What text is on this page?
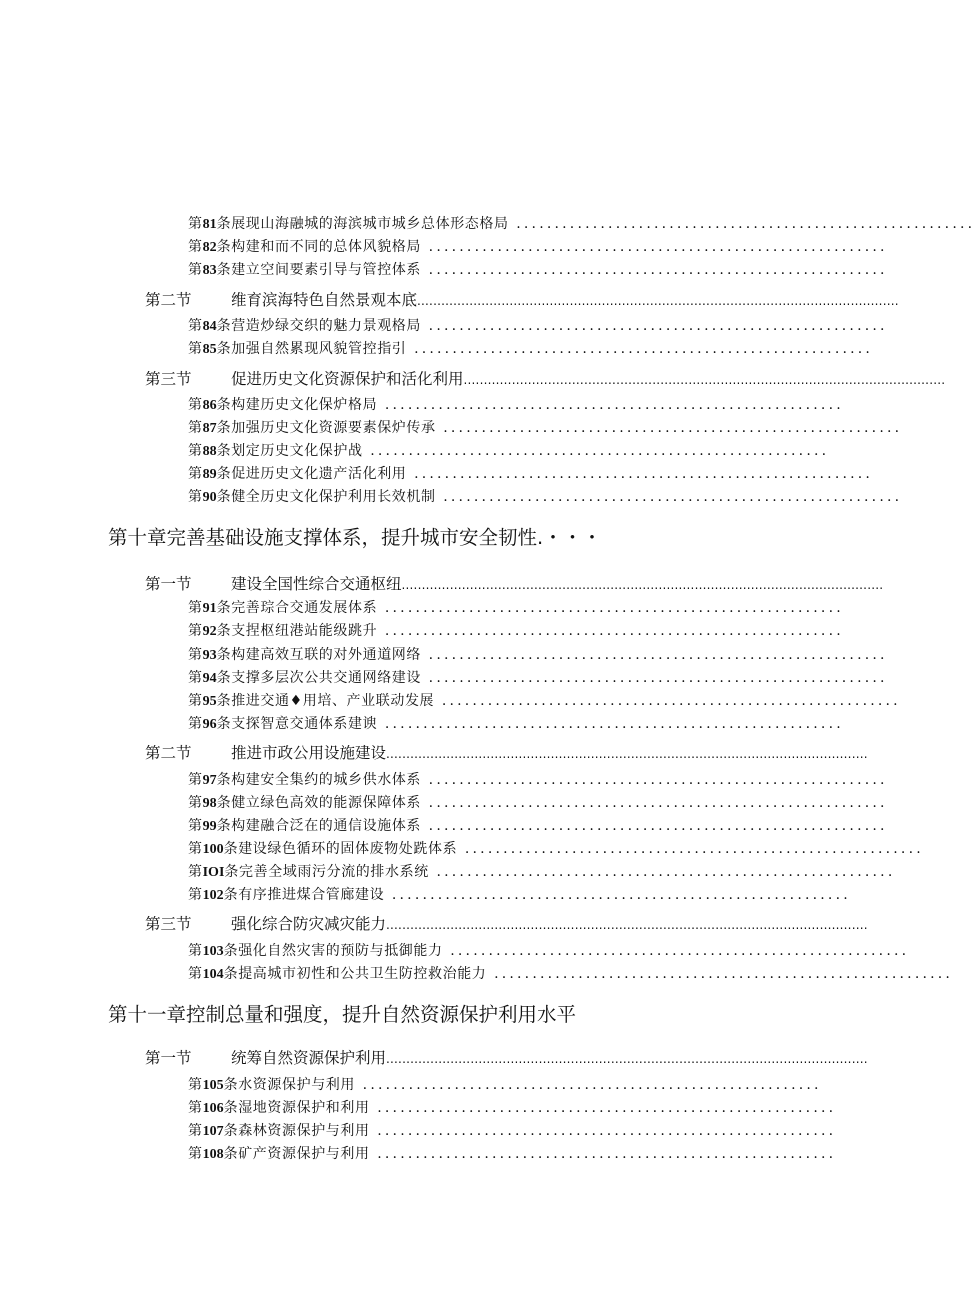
第81条展现山海融城的海滨城市城乡总体形态格局 ............................................................
第82条构建和而不同的总体风貌格局 ............................................................
第83条建立空间要素引导与管控体系 ............................................................
第二节	维育滨海特色自然景观本底........................................................................................................................
第84条营造炒绿交织的魅力景观格局 ............................................................
第85条加强自然累现风貌管控指引 ............................................................
第三节	促进历史文化资源保护和活化利用........................................................................................................................
第86条构建历史文化保炉格局 ............................................................
第87条加强历史文化资源要素保炉传承 ............................................................
第88条划定历史文化保护战 ............................................................
第89条促进历史文化遗产活化利用 ............................................................
第90条健全历史文化保护利用长效机制 ............................................................
第十章完善基础设施支撑体系，提升城市安全韧性.・・・
第一节	建设全国性综合交通枢纽........................................................................................................................
第91条完善琮合交通发展体系 ............................................................
第92条支捏枢纽港站能级跳升 ............................................................
第93条构建高效互联的对外通道网络 ............................................................
第94条支撑多层次公共交通网络建设 ............................................................
第95条推进交通♦用培、产业联动发展 ............................................................
第96条支探智意交通体系建谀 ............................................................
第二节	推进市政公用设施建设........................................................................................................................
第97条构建安全集约的城乡供水体系 ............................................................
第98条健立绿色高效的能源保障体系 ............................................................
第99条构建融合泛在的通信设施体系 ............................................................
第100条建设绿色循环的固体废物处跣体系 ............................................................
第IOI条完善全域雨污分流的排水系统 ............................................................
第102条有序推进煤合管廊建设 ............................................................
第三节	强化综合防灾减灾能力........................................................................................................................
第103条强化自然灾害的预防与抵御能力 ............................................................
第104条提高城市初性和公共卫生防控救治能力 ............................................................
第十一章控制总量和强度，提升自然资源保护利用水平
第一节	统筹自然资源保护利用........................................................................................................................
第105条水资源保护与利用 ............................................................
第106条湿地资源保护和利用 ............................................................
第107条森林资源保护与利用 ............................................................
第108条矿产资源保护与利用 ............................................................
